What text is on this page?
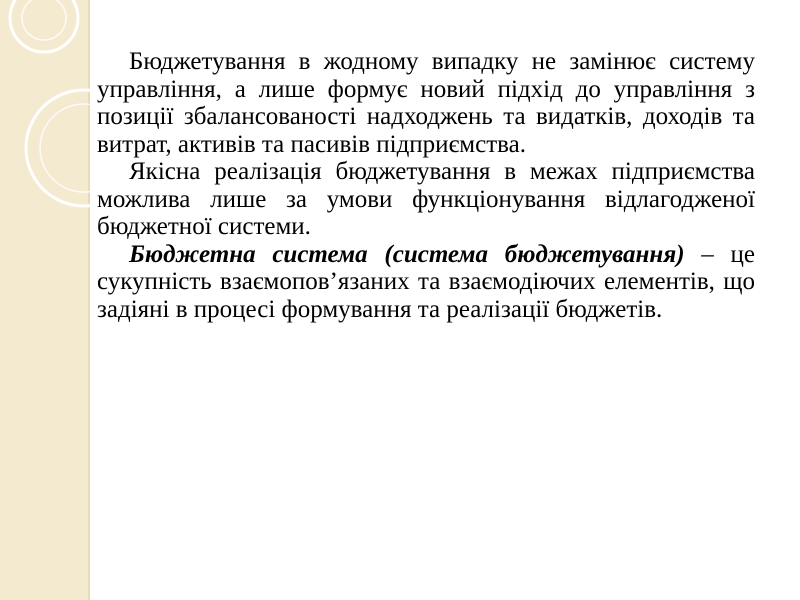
Бюджетування в жодному випадку не замінює систему управління, а лише формує новий підхід до управління з позиції збалансованості надходжень та видатків, доходів та витрат, активів та пасивів підприємства.

Якісна реалізація бюджетування в межах підприємства можлива лише за умови функціонування відлагодженої бюджетної системи.

Бюджетна система (система бюджетування) – це сукупність взаємопов’язаних та взаємодіючих елементів, що задіяні в процесі формування та реалізації бюджетів.
